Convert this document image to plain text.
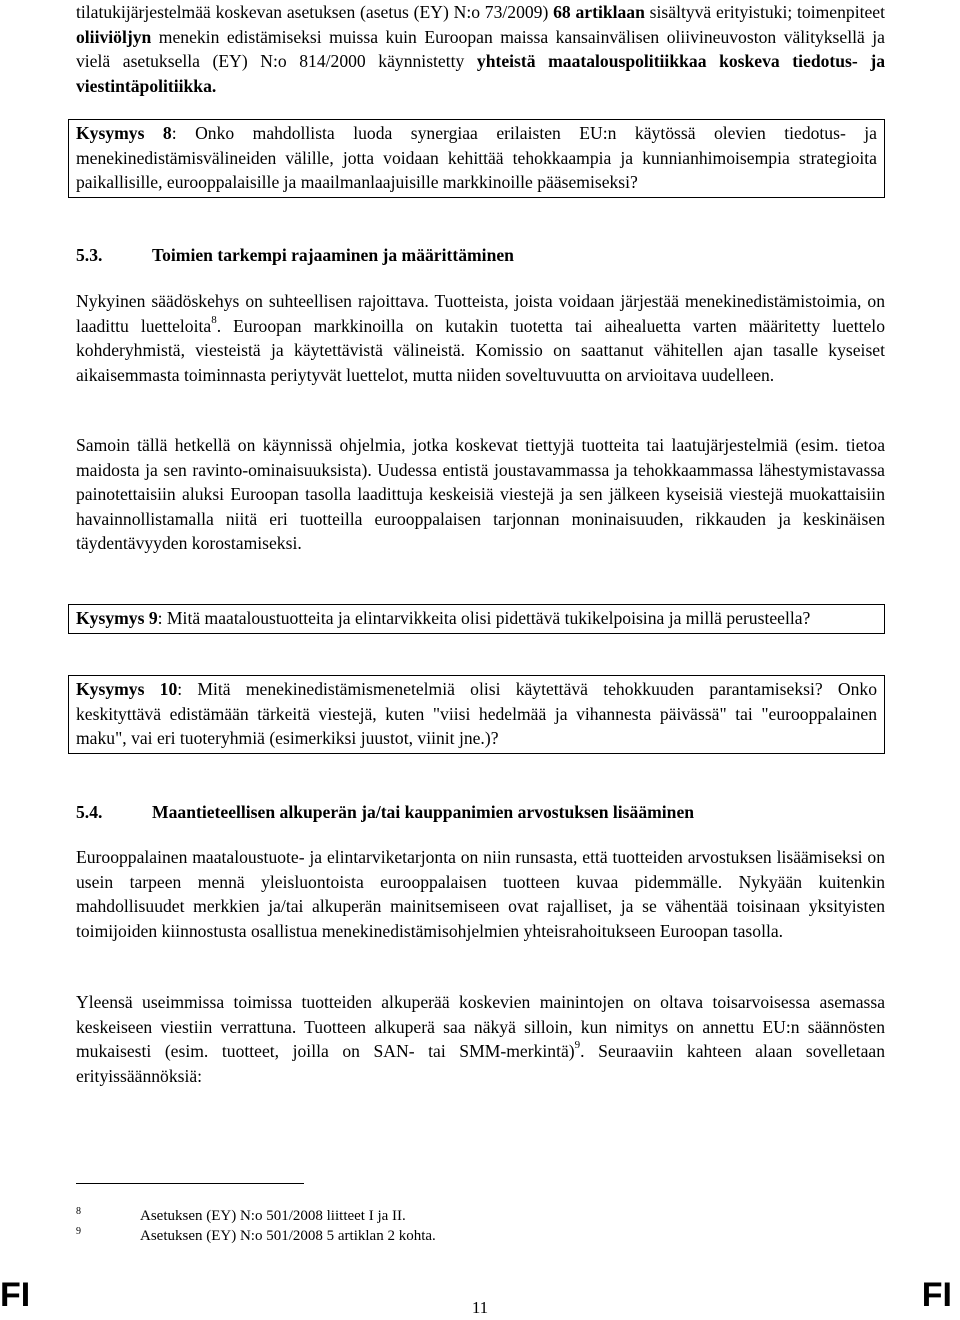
tilatukijärjestelmää koskevan asetuksen (asetus (EY) N:o 73/2009) 68 artiklaan sisältyvä erityistuki; toimenpiteet oliiviöljyn menekin edistämiseksi muissa kuin Euroopan maissa kansainvälisen oliivineuvoston välityksellä ja vielä asetuksella (EY) N:o 814/2000 käynnistetty yhteistä maatalouspolitiikkaa koskeva tiedotus- ja viestintäpolitiikka.

Kysymys 8: Onko mahdollista luoda synergiaa erilaisten EU:n käytössä olevien tiedotus- ja menekinedistämisvälineiden välille, jotta voidaan kehittää tehokkaampia ja kunnianhimoisempia strategioita paikallisille, eurooppalaisille ja maailmanlaajuisille markkinoille pääsemiseksi?

5.3.	Toimien tarkempi rajaaminen ja määrittäminen

Nykyinen säädöskehys on suhteellisen rajoittava. Tuotteista, joista voidaan järjestää menekinedistämistoimia, on laadittu luetteloita$^8$. Euroopan markkinoilla on kutakin tuotetta tai aihealuetta varten määritetty luettelo kohderyhmistä, viesteistä ja käytettävistä välineistä. Komissio on saattanut vähitellen ajan tasalle kyseiset aikaisemmasta toiminnasta periytyvät luettelot, mutta niiden soveltuvuutta on arvioitava uudelleen.

Samoin tällä hetkellä on käynnissä ohjelmia, jotka koskevat tiettyjä tuotteita tai laatujärjestelmiä (esim. tietoa maidosta ja sen ravinto-ominaisuuksista). Uudessa entistä joustavammassa ja tehokkaammassa lähestymistavassa painotettaisiin aluksi Euroopan tasolla laadittuja keskeisiä viestejä ja sen jälkeen kyseisiä viestejä muokattaisiin havainnollistamalla niitä eri tuotteilla eurooppalaisen tarjonnan moninaisuuden, rikkauden ja keskinäisen täydentävyyden korostamiseksi.

Kysymys 9: Mitä maataloustuotteita ja elintarvikkeita olisi pidettävä tukikelpoisina ja millä perusteella?

Kysymys 10: Mitä menekinedistämismenetelmiä olisi käytettävä tehokkuuden parantamiseksi? Onko keskityttävä edistämään tärkeitä viestejä, kuten "viisi hedelmää ja vihannesta päivässä" tai "eurooppalainen maku", vai eri tuoteryhmiä (esimerkiksi juustot, viinit jne.)?

5.4.	Maantieteellisen alkuperän ja/tai kauppanimien arvostuksen lisääminen

Eurooppalainen maataloustuote- ja elintarviketarjonta on niin runsasta, että tuotteiden arvostuksen lisäämiseksi on usein tarpeen mennä yleisluontoista eurooppalaisen tuotteen kuvaa pidemmälle. Nykyään kuitenkin mahdollisuudet merkkien ja/tai alkuperän mainitsemiseen ovat rajalliset, ja se vähentää toisinaan yksityisten toimijoiden kiinnostusta osallistua menekinedistämisohjelmien yhteisrahoitukseen Euroopan tasolla.

Yleensä useimmissa toimissa tuotteiden alkuperää koskevien mainintojen on oltava toisarvoisessa asemassa keskeiseen viestiin verrattuna. Tuotteen alkuperä saa näkyä silloin, kun nimitys on annettu EU:n säännösten mukaisesti (esim. tuotteet, joilla on SAN- tai SMM-merkintä)$^9$. Seuraaviin kahteen alaan sovelletaan erityissäännöksiä:

8	Asetuksen (EY) N:o 501/2008 liitteet I ja II.
9	Asetuksen (EY) N:o 501/2008 5 artiklan 2 kohta.
FI	11	FI
